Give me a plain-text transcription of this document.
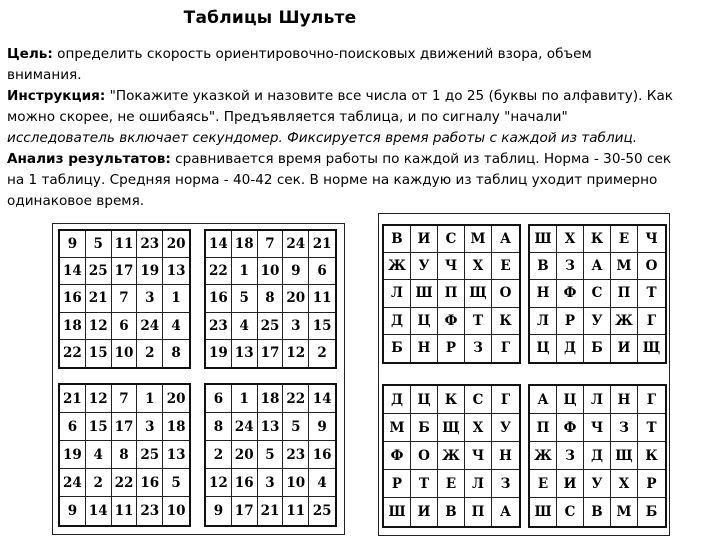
Таблицы Шульте
Цель: определить скорость ориентировочно-поисковых движений взора, объем
внимания.
Инструкция: "Покажите указкой и назовите все числа от 1 до 25 (буквы по алфавиту). Как
можно скорее, не ошибаясь". Предъявляется таблица, и по сигналу "начали"
исследователь включает секундомер. Фиксируется время работы с каждой из таблиц.
Анализ результатов: сравнивается время работы по каждой из таблиц. Норма - 30-50 сек
на 1 таблицу. Средняя норма - 40-42 сек. В норме на каждую из таблиц уходит примерно
одинаковое время.
9	5 11 23 20
14 25 17 19 13
16 21 7	3	1
18 12 6 24 4
22 15 10 2	8
14 18 7 24 21
22 1 10 9	6
16 5	8 20 11
23 4 25 3 15
19 13 17 12 2
21 12 7	1 20
6 15 17 3 18
19 4	8 25 13
24 2 22 16 5
9 14 11 23 10
6	1 18 22 14
8 24 13 5	9
2 20 5 23 16
12 16 3 10 4
9 17 21 11 25
В	И	С	М	А
Ж У	Ч	Х	Е
Л Ш П Щ О
Д	Ц	Ф	Т	К
Б	Н	Р	З	Г
Ш Х	К	Е	Ч
В	З	А	М	О
Н	Ф	С	П	Т
Л	Р	У Ж	Г
Ц	Д	Б	И Щ
Д	Ц	К	С	Г
М	Б Щ Х	У
Ф	О Ж Ч	Н
Р	Т	Е	Л	З
Ш И	В	П	А
А	Ц	Л	Н	Г
П	Ф	Ч	З	Т
Ж З	Д Щ К
Е	И	У	Х	Р
Ш С	В	М	Б
